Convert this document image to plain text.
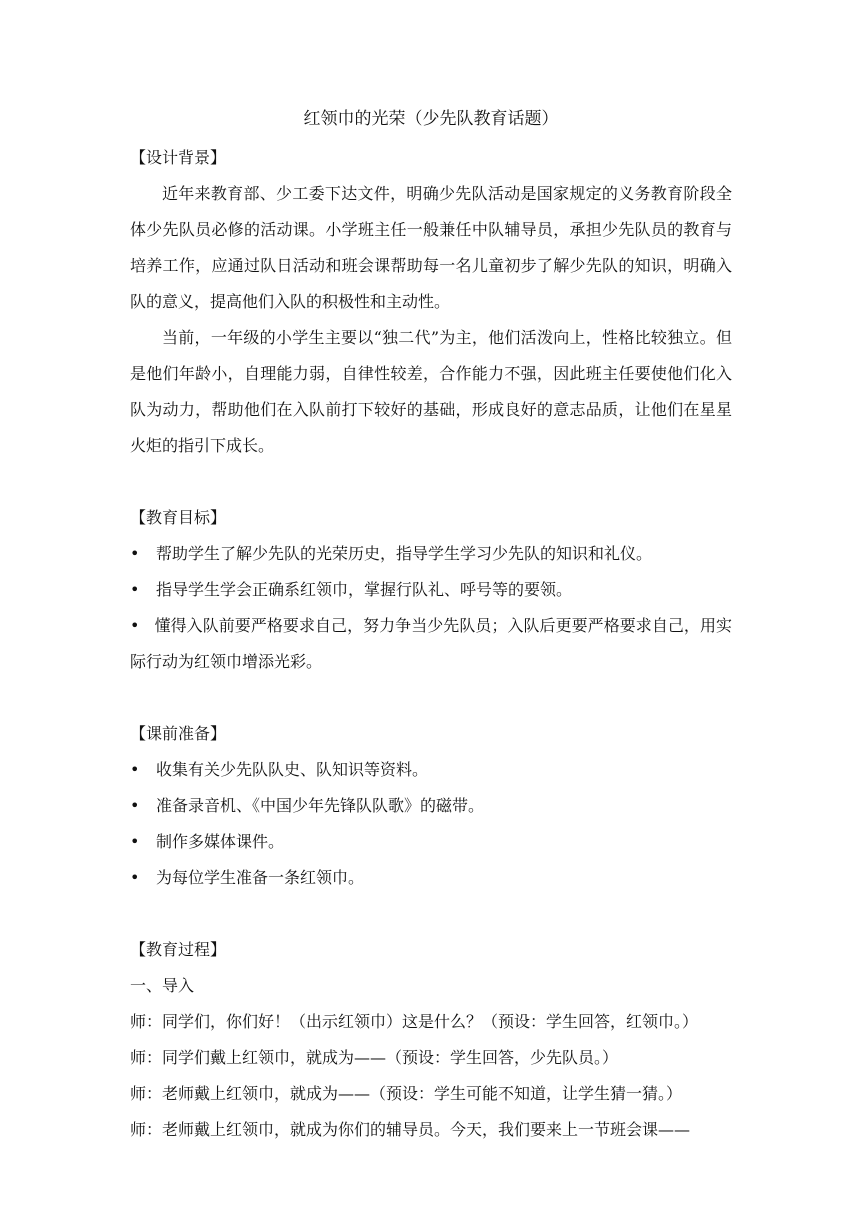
红领巾的光荣（少先队教育话题）

【设计背景】

近年来教育部、少工委下达文件，明确少先队活动是国家规定的义务教育阶段全体少先队员必修的活动课。小学班主任一般兼任中队辅导员，承担少先队员的教育与培养工作，应通过队日活动和班会课帮助每一名儿童初步了解少先队的知识，明确入队的意义，提高他们入队的积极性和主动性。

当前，一年级的小学生主要以“独二代”为主，他们活泼向上，性格比较独立。但是他们年龄小，自理能力弱，自律性较差，合作能力不强，因此班主任要使他们化入队为动力，帮助他们在入队前打下较好的基础，形成良好的意志品质，让他们在星星火炬的指引下成长。

【教育目标】

•	帮助学生了解少先队的光荣历史，指导学生学习少先队的知识和礼仪。
•	指导学生学会正确系红领巾，掌握行队礼、呼号等的要领。

• 懂得入队前要严格要求自己，努力争当少先队员；入队后更要严格要求自己，用实际行动为红领巾增添光彩。

【课前准备】

•	收集有关少先队队史、队知识等资料。
•	准备录音机、《中国少年先锋队队歌》的磁带。
•	制作多媒体课件。
•	为每位学生准备一条红领巾。

【教育过程】

一、导入

师：同学们，你们好！（出示红领巾）这是什么？（预设：学生回答，红领巾。）

师：同学们戴上红领巾，就成为——（预设：学生回答，少先队员。）

师：老师戴上红领巾，就成为——（预设：学生可能不知道，让学生猜一猜。）

师：老师戴上红领巾，就成为你们的辅导员。今天，我们要来上一节班会课——
